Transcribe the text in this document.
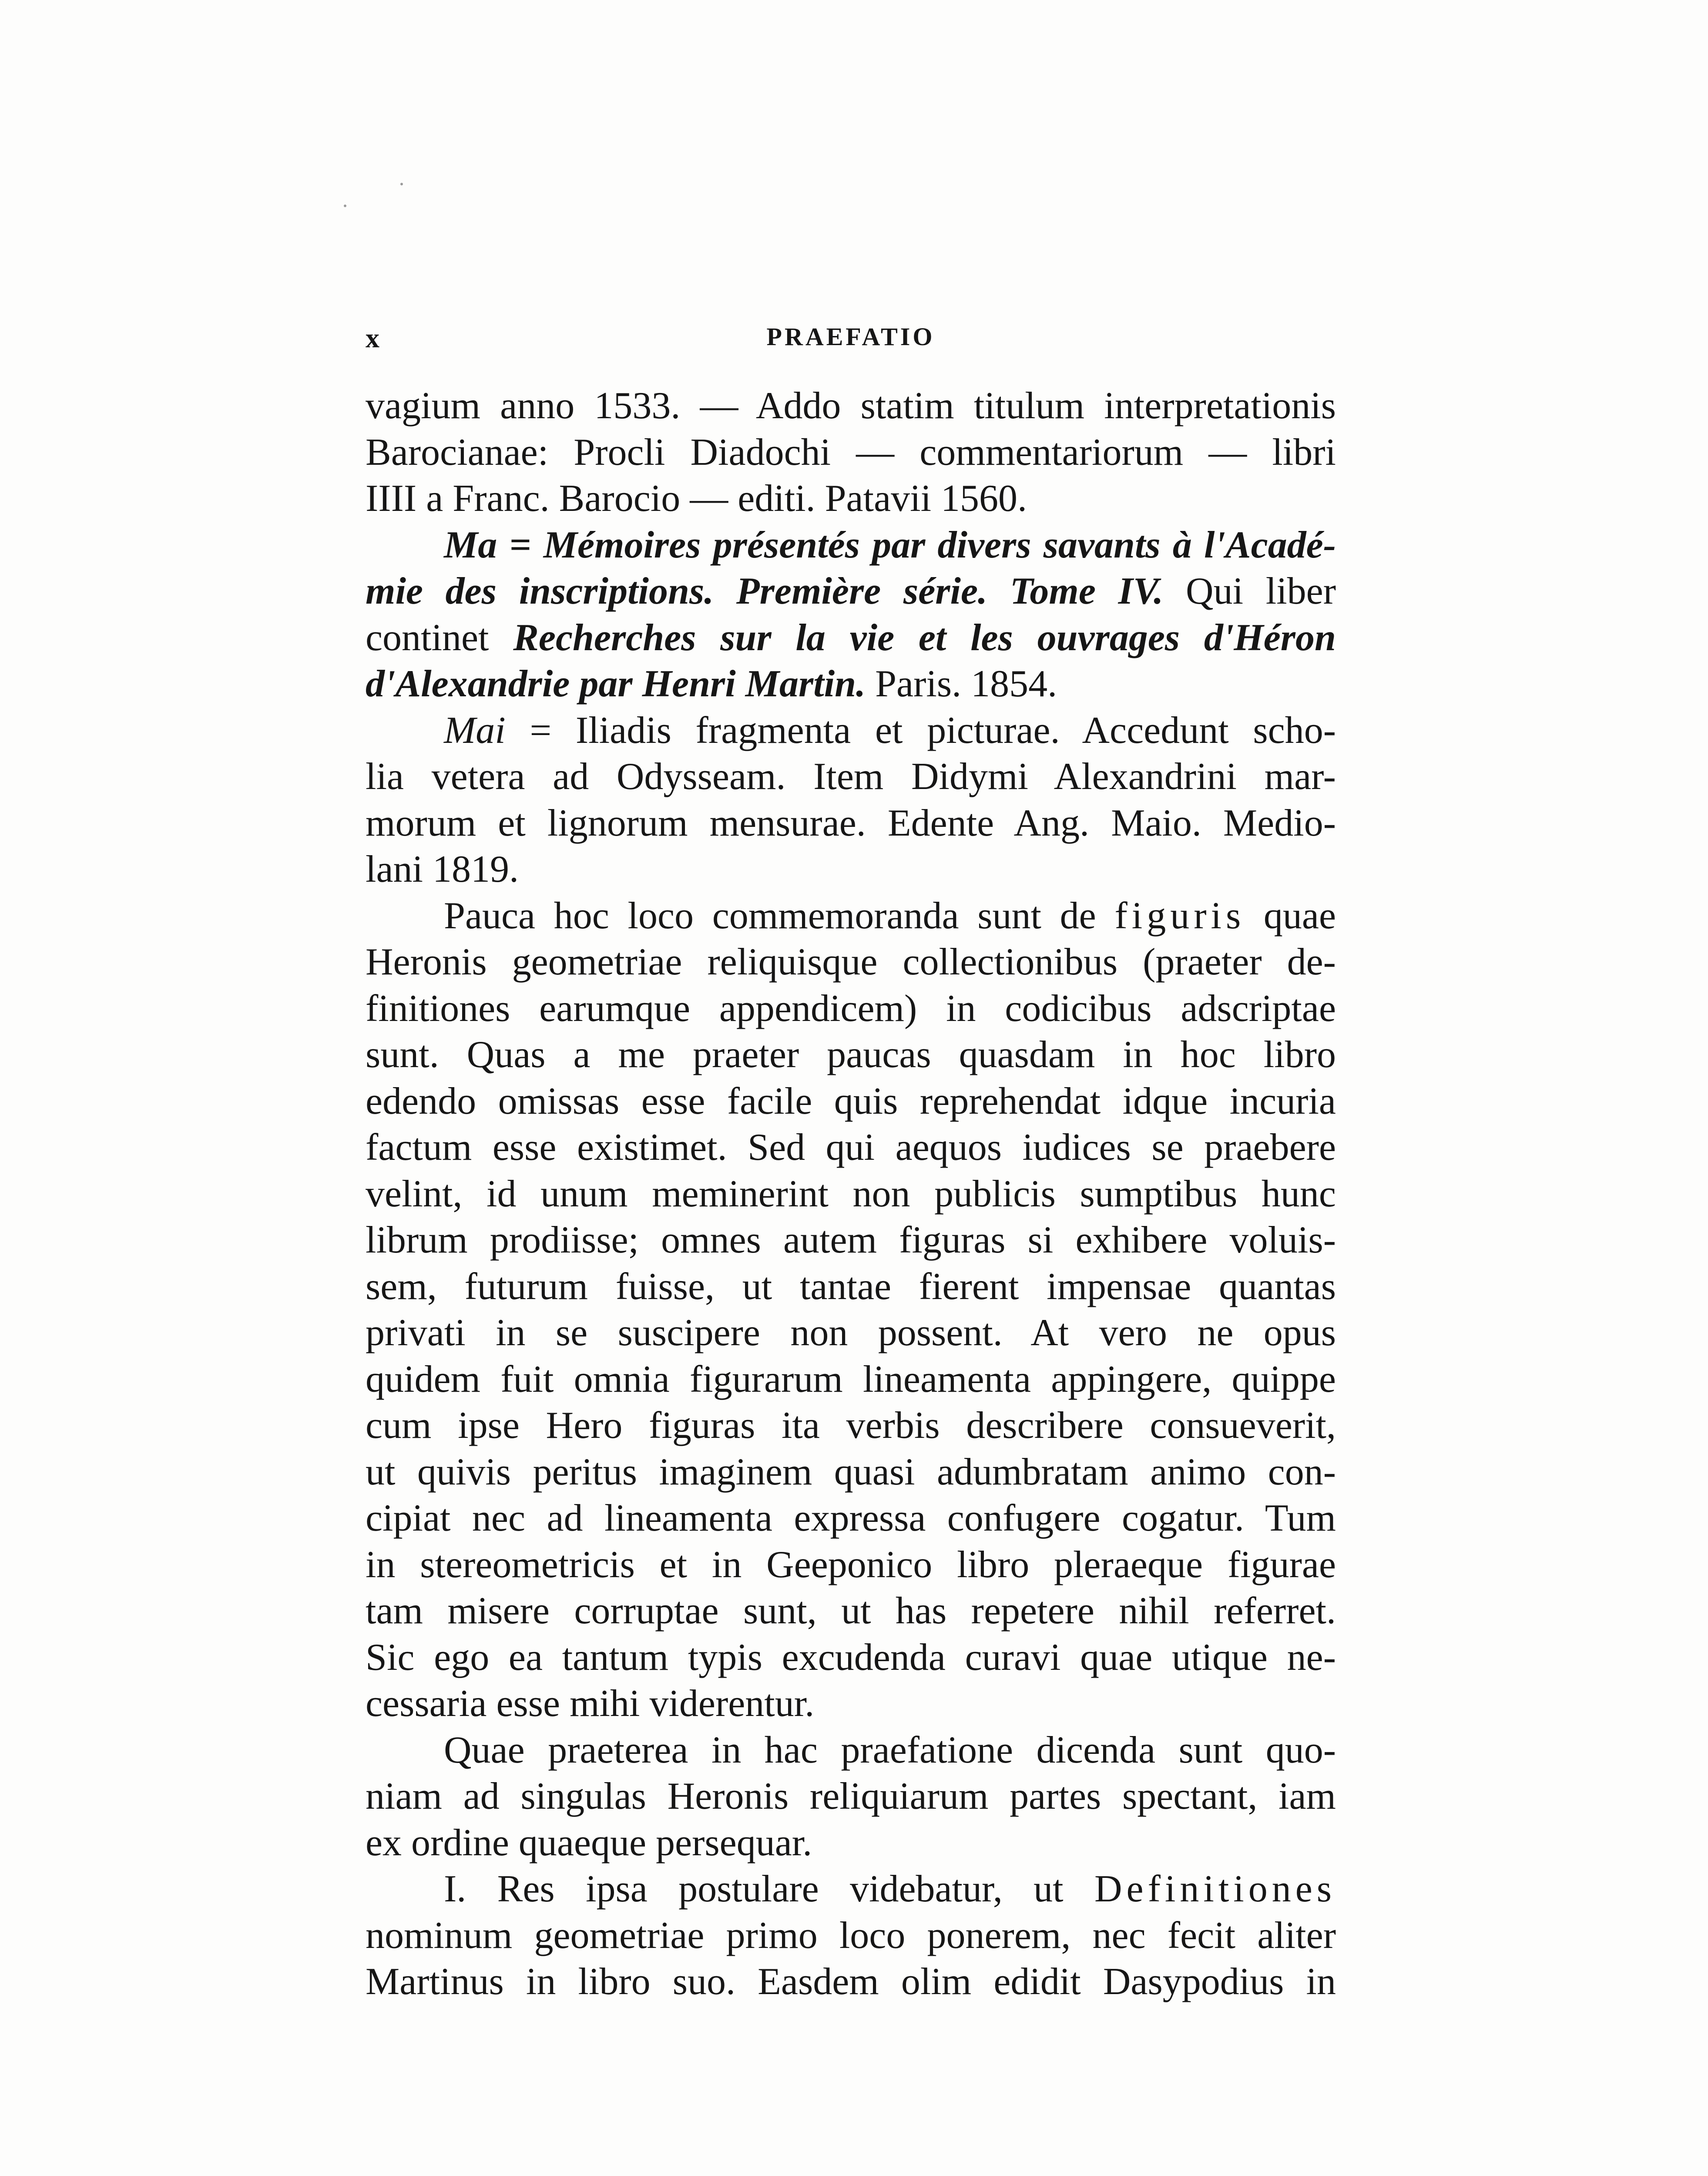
x	PRAEFATIO
vagium anno 1533. — Addo statim titulum interpretationis
Barocianae: Procli Diadochi — commentariorum — libri
IIII a Franc. Barocio — editi. Patavii 1560.
Ma = Mémoires présentés par divers savants à l'Acadé-
mie des inscriptions. Première série. Tome IV. Qui liber
continet Recherches sur la vie et les ouvrages d'Héron
d'Alexandrie par Henri Martin. Paris. 1854.
Mai = Iliadis fragmenta et picturae. Accedunt scho-
lia vetera ad Odysseam. Item Didymi Alexandrini mar-
morum et lignorum mensurae. Edente Ang. Maio. Medio-
lani 1819.
Pauca hoc loco commemoranda sunt de figuris quae
Heronis geometriae reliquisque collectionibus (praeter de-
finitiones earumque appendicem) in codicibus adscriptae
sunt. Quas a me praeter paucas quasdam in hoc libro
edendo omissas esse facile quis reprehendat idque incuria
factum esse existimet. Sed qui aequos iudices se praebere
velint, id unum meminerint non publicis sumptibus hunc
librum prodiisse; omnes autem figuras si exhibere voluis-
sem, futurum fuisse, ut tantae fierent impensae quantas
privati in se suscipere non possent. At vero ne opus
quidem fuit omnia figurarum lineamenta appingere, quippe
cum ipse Hero figuras ita verbis describere consueverit,
ut quivis peritus imaginem quasi adumbratam animo con-
cipiat nec ad lineamenta expressa confugere cogatur. Tum
in stereometricis et in Geeponico libro pleraeque figurae
tam misere corruptae sunt, ut has repetere nihil referret.
Sic ego ea tantum typis excudenda curavi quae utique ne-
cessaria esse mihi viderentur.
Quae praeterea in hac praefatione dicenda sunt quo-
niam ad singulas Heronis reliquiarum partes spectant, iam
ex ordine quaeque persequar.
I. Res ipsa postulare videbatur, ut Definitiones
nominum geometriae primo loco ponerem, nec fecit aliter
Martinus in libro suo. Easdem olim edidit Dasypodius in
